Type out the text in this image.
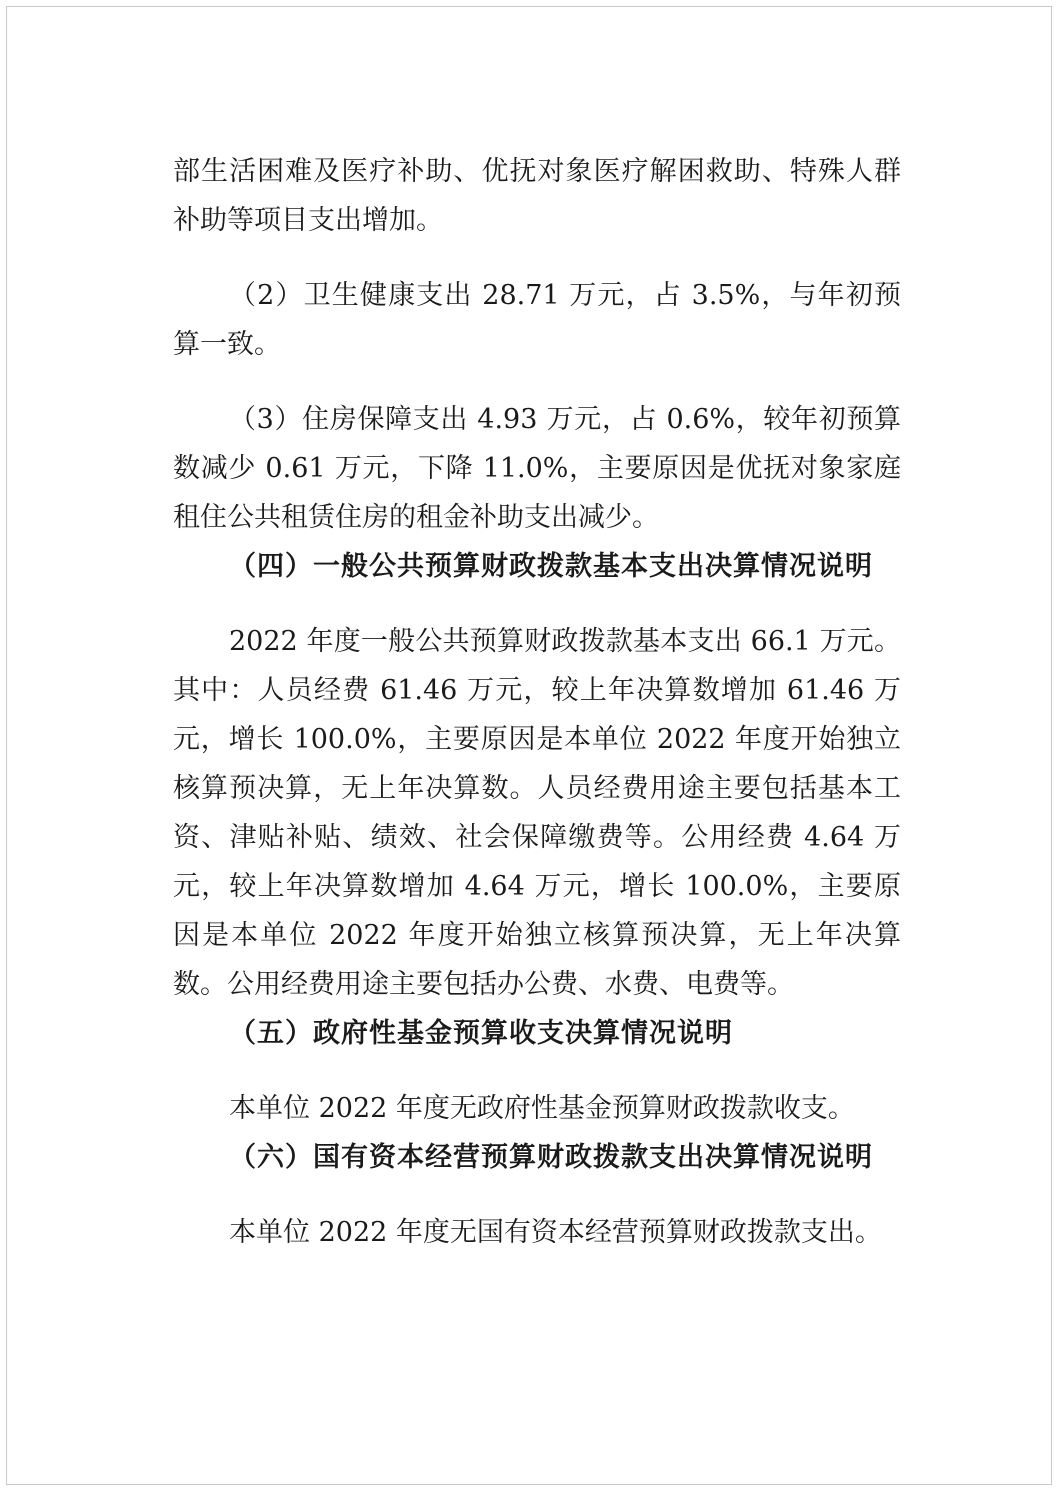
部生活困难及医疗补助、优抚对象医疗解困救助、特殊人群补助等项目支出增加。

（2）卫生健康支出 28.71 万元，占 3.5%，与年初预算一致。

（3）住房保障支出 4.93 万元，占 0.6%，较年初预算数减少 0.61 万元，下降 11.0%，主要原因是优抚对象家庭租住公共租赁住房的租金补助支出减少。

（四）一般公共预算财政拨款基本支出决算情况说明

2022 年度一般公共预算财政拨款基本支出 66.1 万元。其中：人员经费 61.46 万元，较上年决算数增加 61.46 万元，增长 100.0%，主要原因是本单位 2022 年度开始独立核算预决算，无上年决算数。人员经费用途主要包括基本工资、津贴补贴、绩效、社会保障缴费等。公用经费 4.64 万元，较上年决算数增加 4.64 万元，增长 100.0%，主要原因是本单位 2022 年度开始独立核算预决算，无上年决算数。公用经费用途主要包括办公费、水费、电费等。

（五）政府性基金预算收支决算情况说明

本单位 2022 年度无政府性基金预算财政拨款收支。

（六）国有资本经营预算财政拨款支出决算情况说明

本单位 2022 年度无国有资本经营预算财政拨款支出。
